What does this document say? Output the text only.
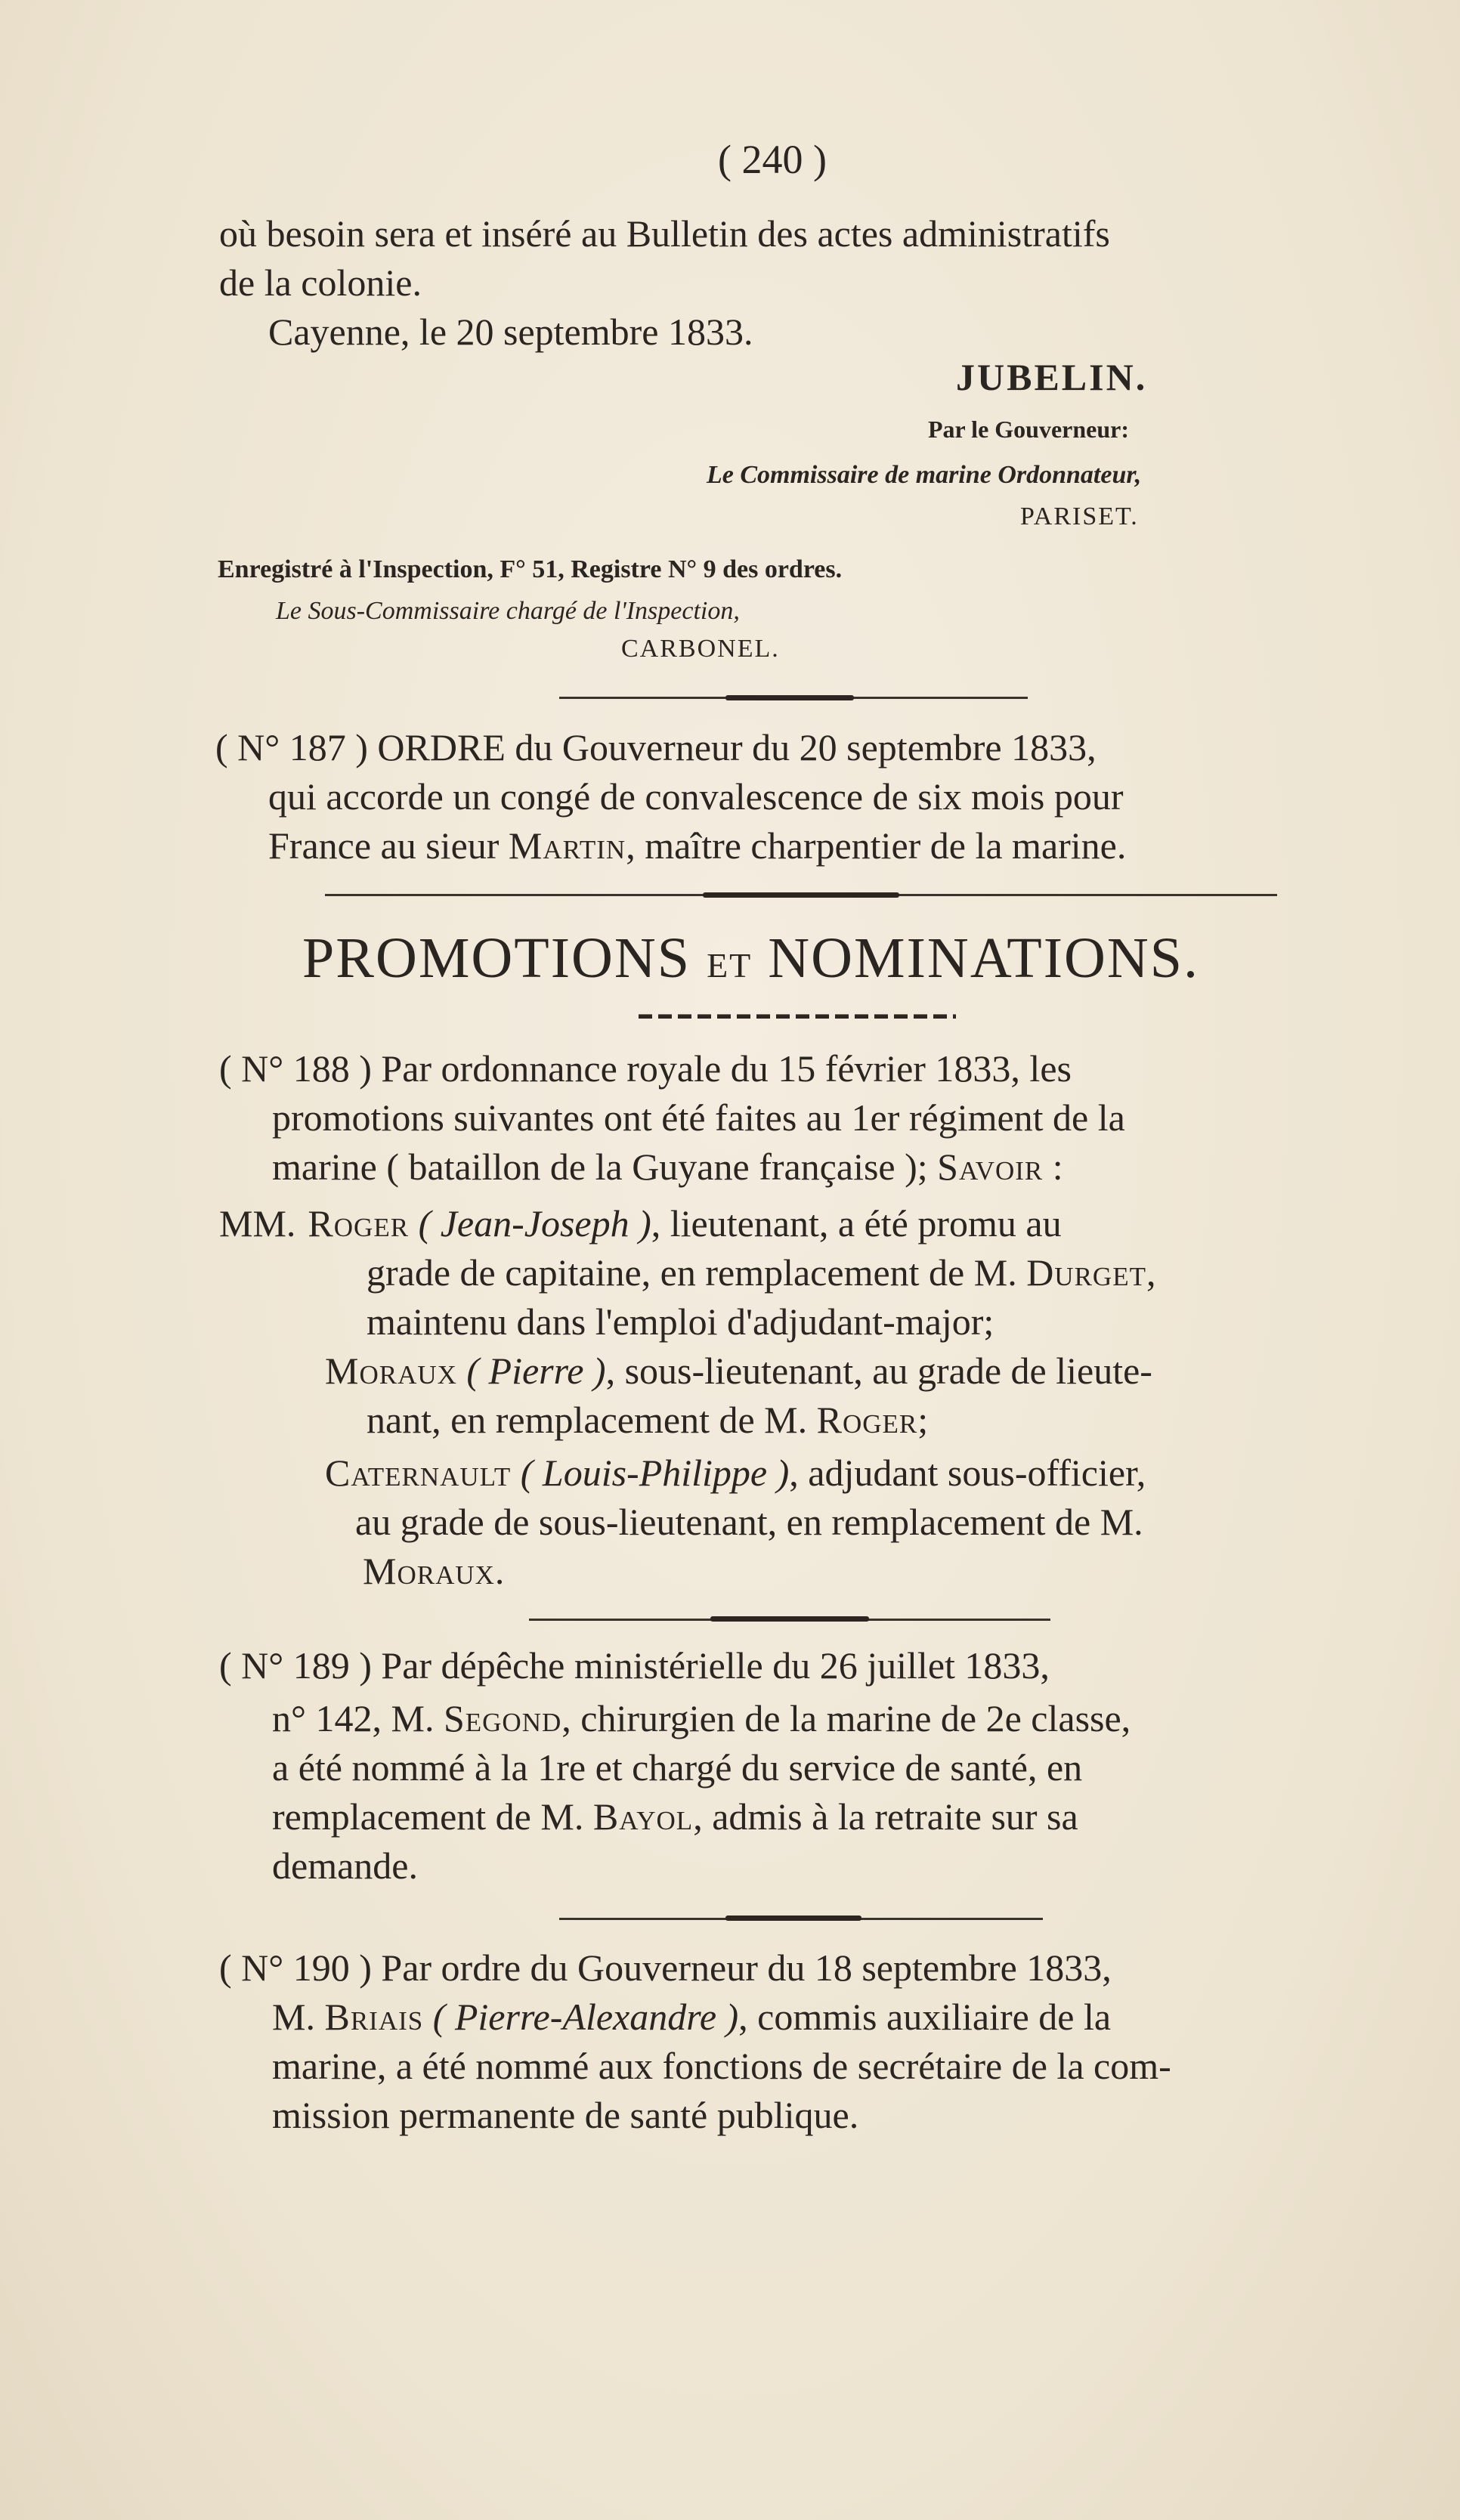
( 240 )
où besoin sera et inséré au Bulletin des actes administratifs
de la colonie.
Cayenne, le 20 septembre 1833.
JUBELIN.
Par le Gouverneur:
Le Commissaire de marine Ordonnateur,
PARISET.
Enregistré à l'Inspection, F° 51, Registre N° 9 des ordres.
Le Sous-Commissaire chargé de l'Inspection,
CARBONEL.
( N° 187 ) ORDRE du Gouverneur du 20 septembre 1833,
qui accorde un congé de convalescence de six mois pour
France au sieur Martin, maître charpentier de la marine.
PROMOTIONS ET NOMINATIONS.
( N° 188 ) Par ordonnance royale du 15 février 1833, les
promotions suivantes ont été faites au 1er régiment de la
marine ( bataillon de la Guyane française ); Savoir :
MM. Roger ( Jean-Joseph ), lieutenant, a été promu au
grade de capitaine, en remplacement de M. Durget,
maintenu dans l'emploi d'adjudant-major;
Moraux ( Pierre ), sous-lieutenant, au grade de lieute-
nant, en remplacement de M. Roger;
Caternault ( Louis-Philippe ), adjudant sous-officier,
au grade de sous-lieutenant, en remplacement de M.
Moraux.
( N° 189 ) Par dépêche ministérielle du 26 juillet 1833,
n° 142, M. Segond, chirurgien de la marine de 2e classe,
a été nommé à la 1re et chargé du service de santé, en
remplacement de M. Bayol, admis à la retraite sur sa
demande.
( N° 190 ) Par ordre du Gouverneur du 18 septembre 1833,
M. Briais ( Pierre-Alexandre ), commis auxiliaire de la
marine, a été nommé aux fonctions de secrétaire de la com-
mission permanente de santé publique.
